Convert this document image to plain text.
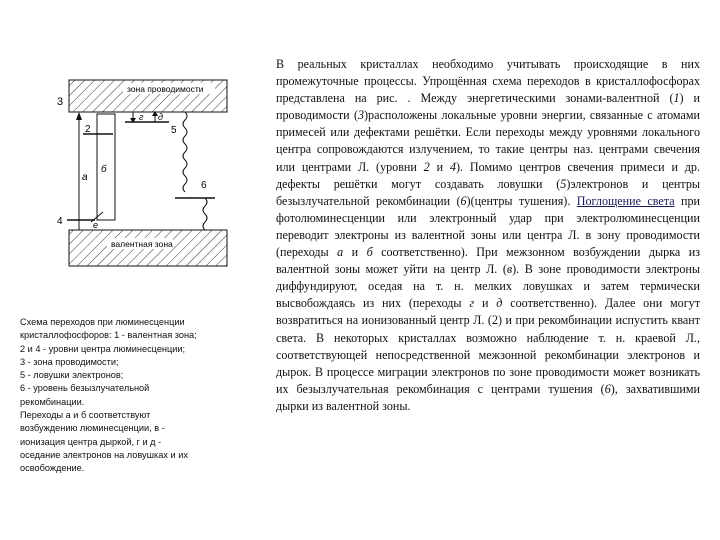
зона проводимости
валентная зона
3
2
4
5
6
а
б
г д
е
Схема переходов при люминесценции
кристаллофосфоров: 1 - валентная зона;
2 и 4 - уровни центра люминесценции;
3 - зона проводимости;
5 - ловушки электронов;
6 - уровень безызлучательной
рекомбинации.
Переходы а и б соответствуют
возбуждению люминесценции, в -
ионизация центра дыркой, г и д -
оседание электронов на ловушках и их
освобождение.
В реальных кристаллах необходимо учитывать происходящие в них промежуточные процессы. Упрощённая схема переходов в кристаллофосфорах представлена на рис. . Между энергетическими зонами-валентной (1) и проводимости (3)расположены локальные уровни энергии, связанные с атомами примесей или дефектами решётки. Если переходы между уровнями локального центра сопровождаются излучением, то такие центры наз. центрами свечения или центрами Л. (уровни 2 и 4). Помимо центров свечения примеси и др. дефекты решётки могут создавать ловушки (5)электронов и центры безызлучательной рекомбинации (6)(центры тушения). Поглощение света при фотолюминесценции или электронный удар при электролюминесценции переводит электроны из валентной зоны или центра Л. в зону проводимости (переходы а и б соответственно). При межзонном возбуждении дырка из валентной зоны может уйти на центр Л. (в). В зоне проводимости электроны диффундируют, оседая на т. н. мелких ловушках и затем термически высвобождаясь из них (переходы г и д соответственно). Далее они могут возвратиться на ионизованный центр Л. (2) и при рекомбинации испустить квант света. В некоторых кристаллах возможно наблюдение т. н. краевой Л., соответствующей непосредственной межзонной рекомбинации электронов и дырок. В процессе миграции электронов по зоне проводимости может возникать их безызлучательная рекомбинация с центрами тушения (6), захватившими дырки из валентной зоны.
